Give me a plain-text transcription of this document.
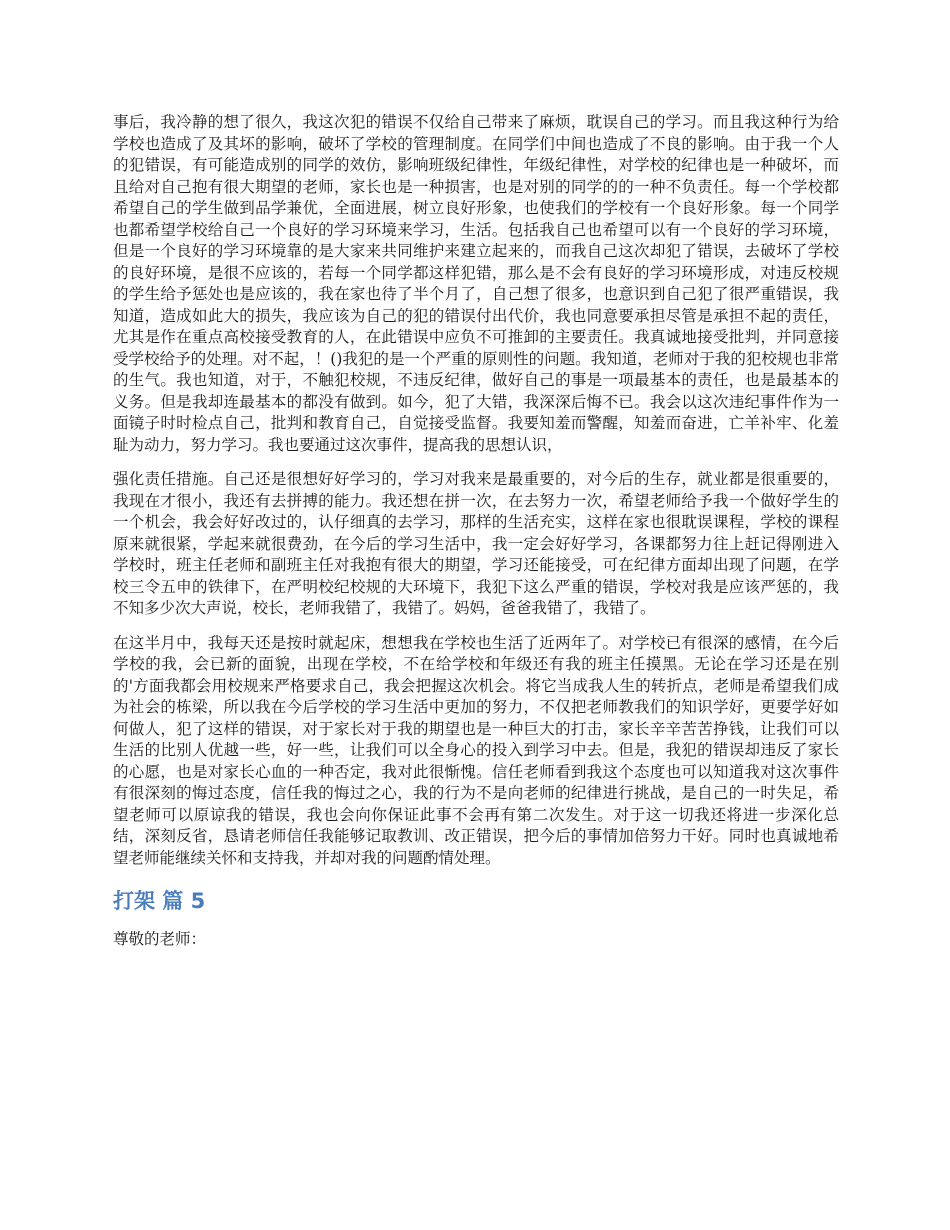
事后，我冷静的想了很久，我这次犯的错误不仅给自己带来了麻烦，耽误自己的学习。而且我这种行为给学校也造成了及其坏的影响，破坏了学校的管理制度。在同学们中间也造成了不良的影响。由于我一个人的犯错误，有可能造成别的同学的效仿，影响班级纪律性，年级纪律性，对学校的纪律也是一种破坏，而且给对自己抱有很大期望的老师，家长也是一种损害，也是对别的同学的的一种不负责任。每一个学校都希望自己的学生做到品学兼优，全面进展，树立良好形象，也使我们的学校有一个良好形象。每一个同学也都希望学校给自己一个良好的学习环境来学习，生活。包括我自己也希望可以有一个良好的学习环境，但是一个良好的学习环境靠的是大家来共同维护来建立起来的，而我自己这次却犯了错误，去破坏了学校的良好环境，是很不应该的，若每一个同学都这样犯错，那么是不会有良好的学习环境形成，对违反校规的学生给予惩处也是应该的，我在家也待了半个月了，自己想了很多，也意识到自己犯了很严重错误，我知道，造成如此大的损失，我应该为自己的犯的错误付出代价，我也同意要承担尽管是承担不起的责任，尤其是作在重点高校接受教育的人，在此错误中应负不可推卸的主要责任。我真诚地接受批判，并同意接受学校给予的处理。对不起，！()我犯的是一个严重的原则性的问题。我知道，老师对于我的犯校规也非常的生气。我也知道，对于，不触犯校规，不违反纪律，做好自己的事是一项最基本的责任，也是最基本的义务。但是我却连最基本的都没有做到。如今，犯了大错，我深深后悔不已。我会以这次违纪事件作为一面镜子时时检点自己，批判和教育自己，自觉接受监督。我要知羞而警醒，知羞而奋进，亡羊补牢、化羞耻为动力，努力学习。我也要通过这次事件，提高我的思想认识，

强化责任措施。自己还是很想好好学习的，学习对我来是最重要的，对今后的生存，就业都是很重要的，我现在才很小，我还有去拼搏的能力。我还想在拼一次，在去努力一次，希望老师给予我一个做好学生的一个机会，我会好好改过的，认仔细真的去学习，那样的生活充实，这样在家也很耽误课程，学校的课程原来就很紧，学起来就很费劲，在今后的学习生活中，我一定会好好学习，各课都努力往上赶记得刚进入学校时，班主任老师和副班主任对我抱有很大的期望，学习还能接受，可在纪律方面却出现了问题，在学校三令五申的铁律下，在严明校纪校规的大环境下，我犯下这么严重的错误，学校对我是应该严惩的，我不知多少次大声说，校长，老师我错了，我错了。妈妈，爸爸我错了，我错了。

在这半月中，我每天还是按时就起床，想想我在学校也生活了近两年了。对学校已有很深的感情，在今后学校的我，会已新的面貌，出现在学校，不在给学校和年级还有我的班主任摸黑。无论在学习还是在别的'方面我都会用校规来严格要求自己，我会把握这次机会。将它当成我人生的转折点，老师是希望我们成为社会的栋梁，所以我在今后学校的学习生活中更加的努力，不仅把老师教我们的知识学好，更要学好如何做人，犯了这样的错误，对于家长对于我的期望也是一种巨大的打击，家长辛辛苦苦挣钱，让我们可以生活的比别人优越一些，好一些，让我们可以全身心的投入到学习中去。但是，我犯的错误却违反了家长的心愿，也是对家长心血的一种否定，我对此很惭愧。信任老师看到我这个态度也可以知道我对这次事件有很深刻的悔过态度，信任我的悔过之心，我的行为不是向老师的纪律进行挑战，是自己的一时失足，希望老师可以原谅我的错误，我也会向你保证此事不会再有第二次发生。对于这一切我还将进一步深化总结，深刻反省，恳请老师信任我能够记取教训、改正错误，把今后的事情加倍努力干好。同时也真诚地希望老师能继续关怀和支持我，并却对我的问题酌情处理。

打架 篇 5

尊敬的老师：
